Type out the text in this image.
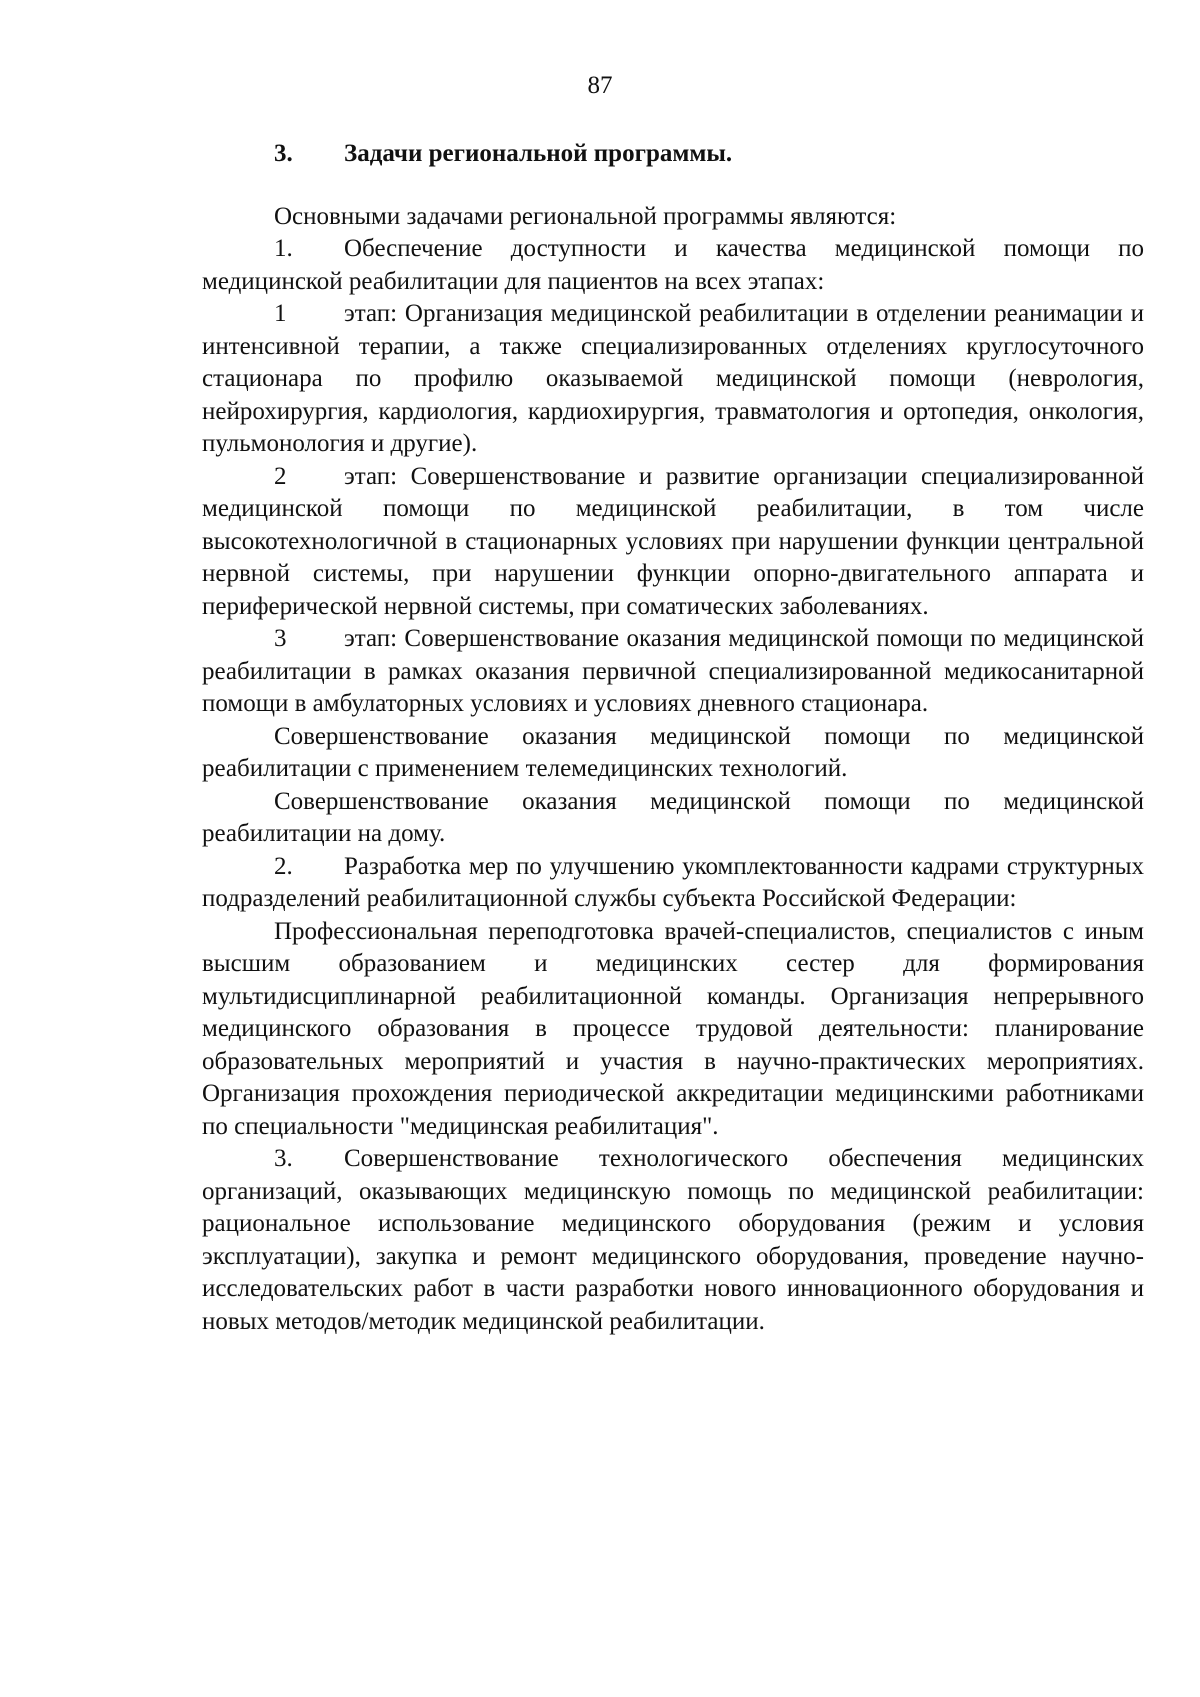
87

3. Задачи региональной программы.

Основными задачами региональной программы являются:

1. Обеспечение доступности и качества медицинской помощи по медицинской реабилитации для пациентов на всех этапах:

1 этап: Организация медицинской реабилитации в отделении реанимации и интенсивной терапии, а также специализированных отделениях круглосуточного стационара по профилю оказываемой медицинской помощи (неврология, нейрохирургия, кардиология, кардиохирургия, травматология и ортопедия, онкология, пульмонология и другие).

2 этап: Совершенствование и развитие организации специализированной медицинской помощи по медицинской реабилитации, в том числе высокотехнологичной в стационарных условиях при нарушении функции центральной нервной системы, при нарушении функции опорно-двигательного аппарата и периферической нервной системы, при соматических заболеваниях.

3 этап: Совершенствование оказания медицинской помощи по медицинской реабилитации в рамках оказания первичной специализированной медикосанитарной помощи в амбулаторных условиях и условиях дневного стационара.

Совершенствование оказания медицинской помощи по медицинской реабилитации с применением телемедицинских технологий.

Совершенствование оказания медицинской помощи по медицинской реабилитации на дому.

2. Разработка мер по улучшению укомплектованности кадрами структурных подразделений реабилитационной службы субъекта Российской Федерации:

Профессиональная переподготовка врачей-специалистов, специалистов с иным высшим образованием и медицинских сестер для формирования мультидисциплинарной реабилитационной команды. Организация непрерывного медицинского образования в процессе трудовой деятельности: планирование образовательных мероприятий и участия в научно-практических мероприятиях. Организация прохождения периодической аккредитации медицинскими работниками по специальности "медицинская реабилитация".

3. Совершенствование технологического обеспечения медицинских организаций, оказывающих медицинскую помощь по медицинской реабилитации: рациональное использование медицинского оборудования (режим и условия эксплуатации), закупка и ремонт медицинского оборудования, проведение научно-исследовательских работ в части разработки нового инновационного оборудования и новых методов/методик медицинской реабилитации.
